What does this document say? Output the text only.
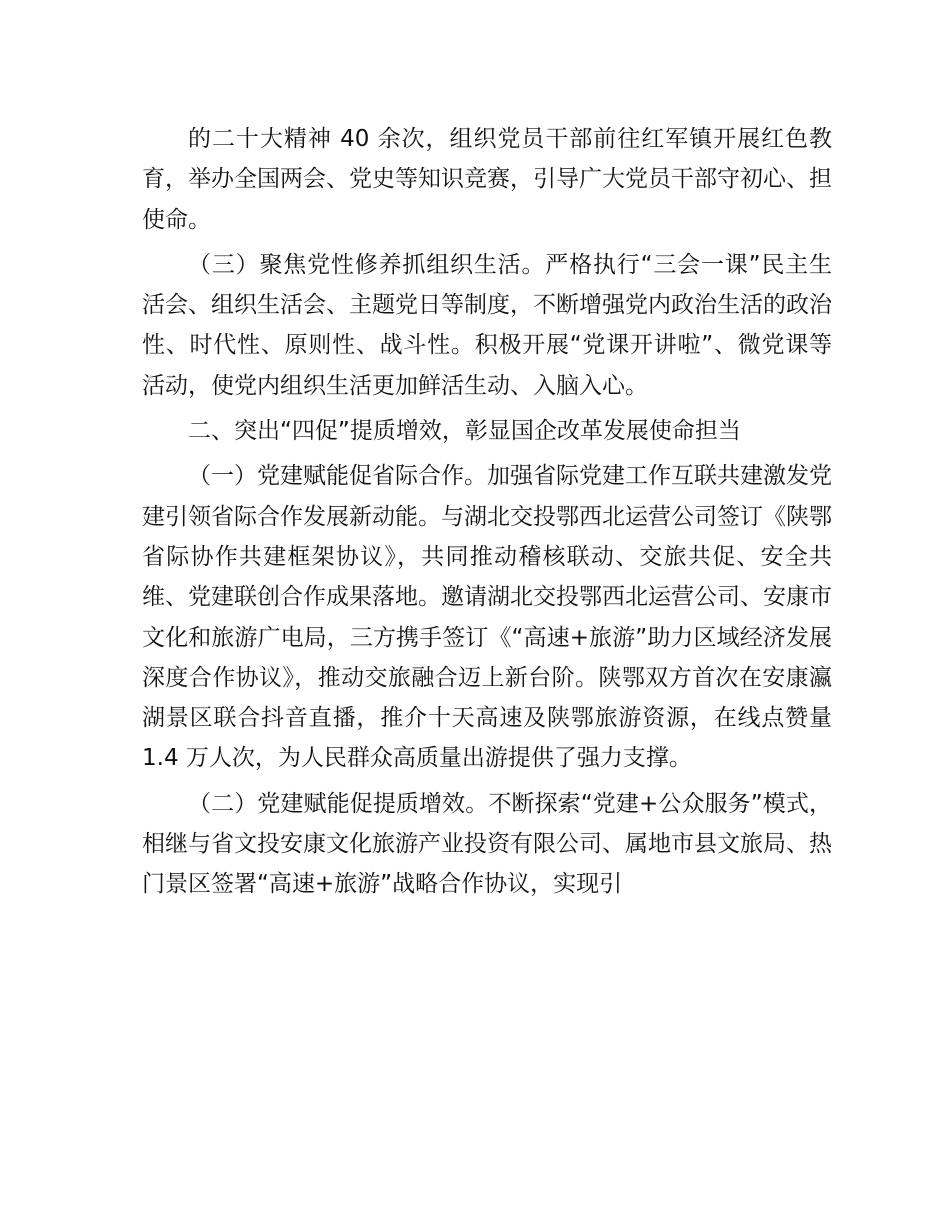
的二十大精神 40 余次，组织党员干部前往红军镇开展红色教育，举办全国两会、党史等知识竞赛，引导广大党员干部守初心、担使命。

（三）聚焦党性修养抓组织生活。严格执行“三会一课”民主生活会、组织生活会、主题党日等制度，不断增强党内政治生活的政治性、时代性、原则性、战斗性。积极开展“党课开讲啦”、微党课等活动，使党内组织生活更加鲜活生动、入脑入心。

二、突出“四促”提质增效，彰显国企改革发展使命担当

（一）党建赋能促省际合作。加强省际党建工作互联共建激发党建引领省际合作发展新动能。与湖北交投鄂西北运营公司签订《陕鄂省际协作共建框架协议》，共同推动稽核联动、交旅共促、安全共维、党建联创合作成果落地。邀请湖北交投鄂西北运营公司、安康市文化和旅游广电局，三方携手签订《“高速+旅游”助力区域经济发展深度合作协议》，推动交旅融合迈上新台阶。陕鄂双方首次在安康瀛湖景区联合抖音直播，推介十天高速及陕鄂旅游资源，在线点赞量 1.4 万人次，为人民群众高质量出游提供了强力支撑。

（二）党建赋能促提质增效。不断探索“党建+公众服务”模式，相继与省文投安康文化旅游产业投资有限公司、属地市县文旅局、热门景区签署“高速+旅游”战略合作协议，实现引
